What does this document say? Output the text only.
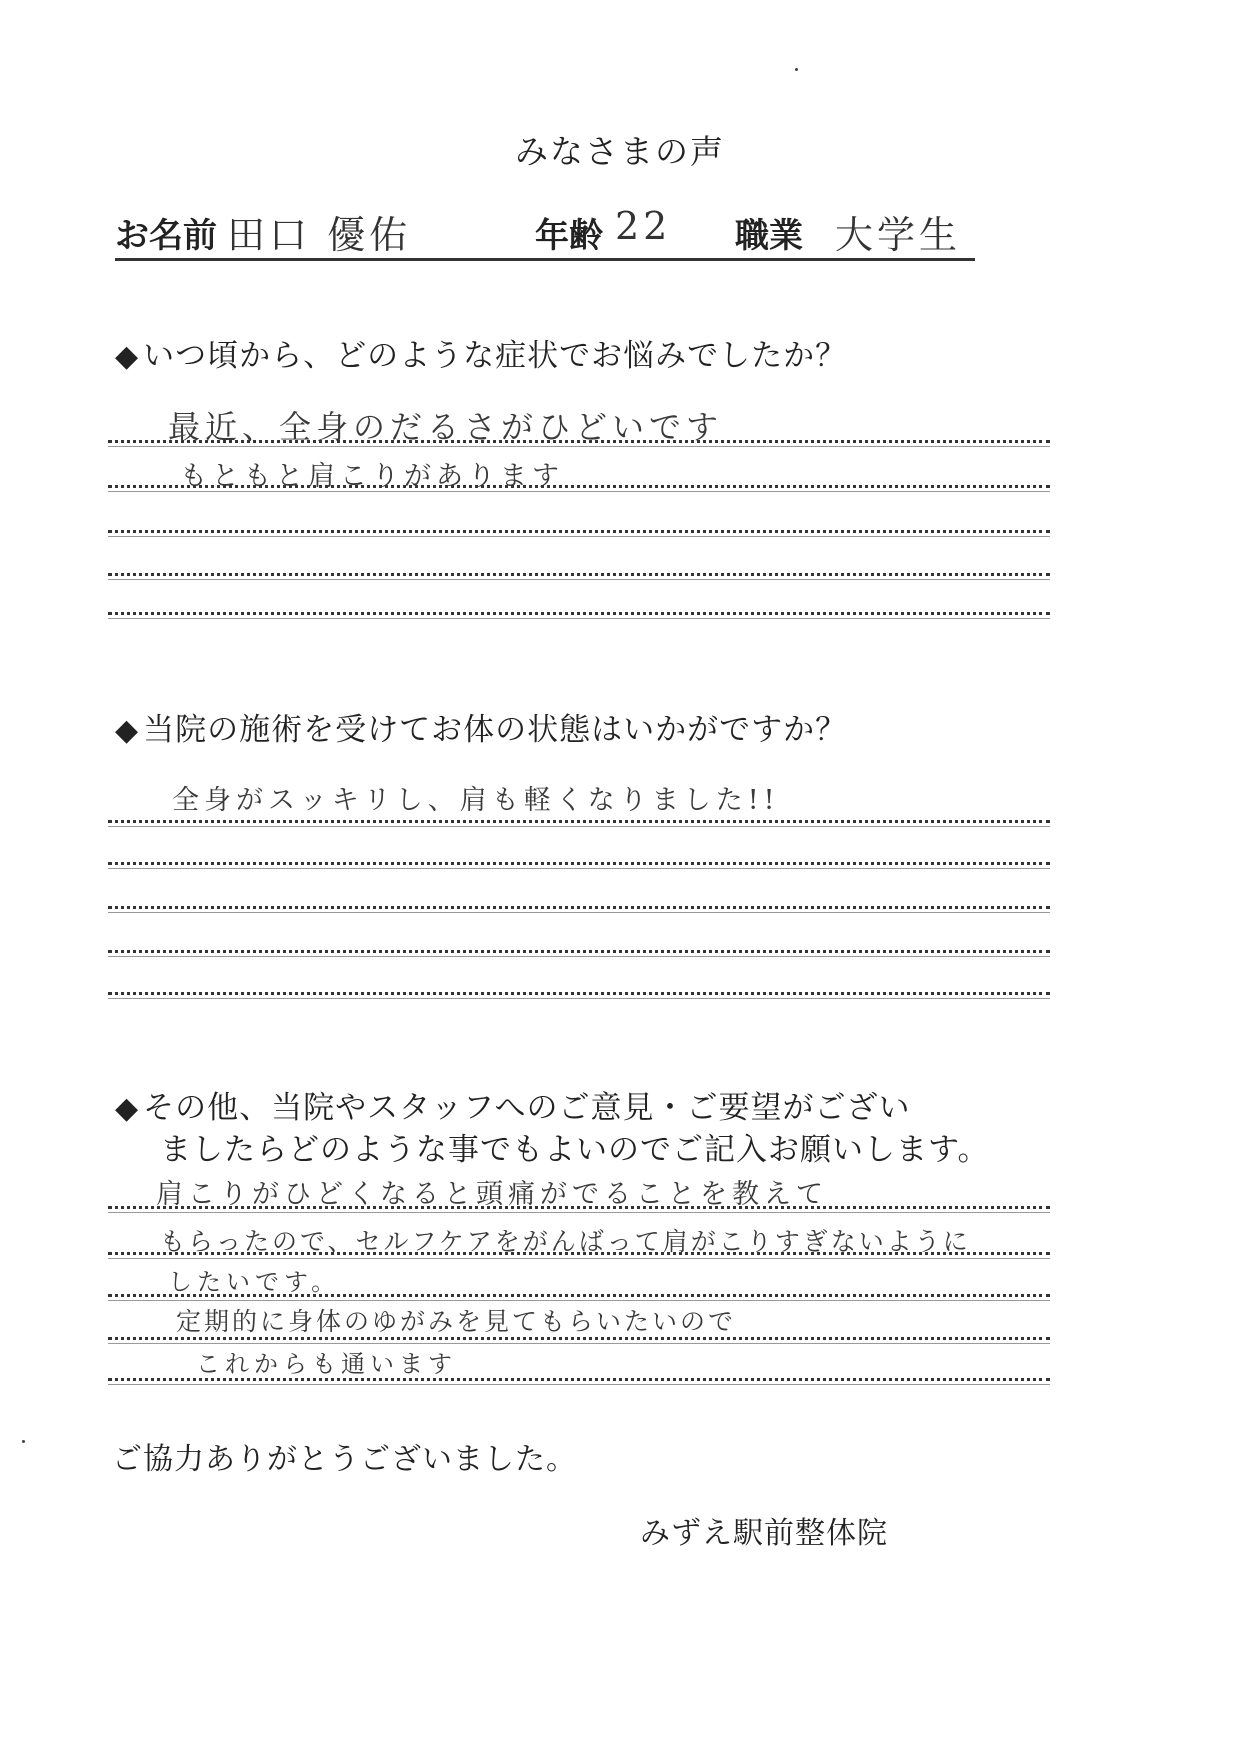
みなさまの声
お名前 田口 優佑	年齢 22 職業 大学生
◆ いつ頃から、どのような症状でお悩みでしたか？
最近、全身のだるさがひどいです
もともと肩こりがあります
◆ 当院の施術を受けてお体の状態はいかがですか？
全身がスッキリし、肩も軽くなりました!!
◆ その他、当院やスタッフへのご意見・ご要望がござい
ましたらどのような事でもよいのでご記入お願いします。
肩こりがひどくなると頭痛がでることを教えて
もらったので、セルフケアをがんばって肩がこりすぎないように
したいです。
定期的に身体のゆがみを見てもらいたいので
これからも通います
ご協力ありがとうございました。
みずえ駅前整体院
